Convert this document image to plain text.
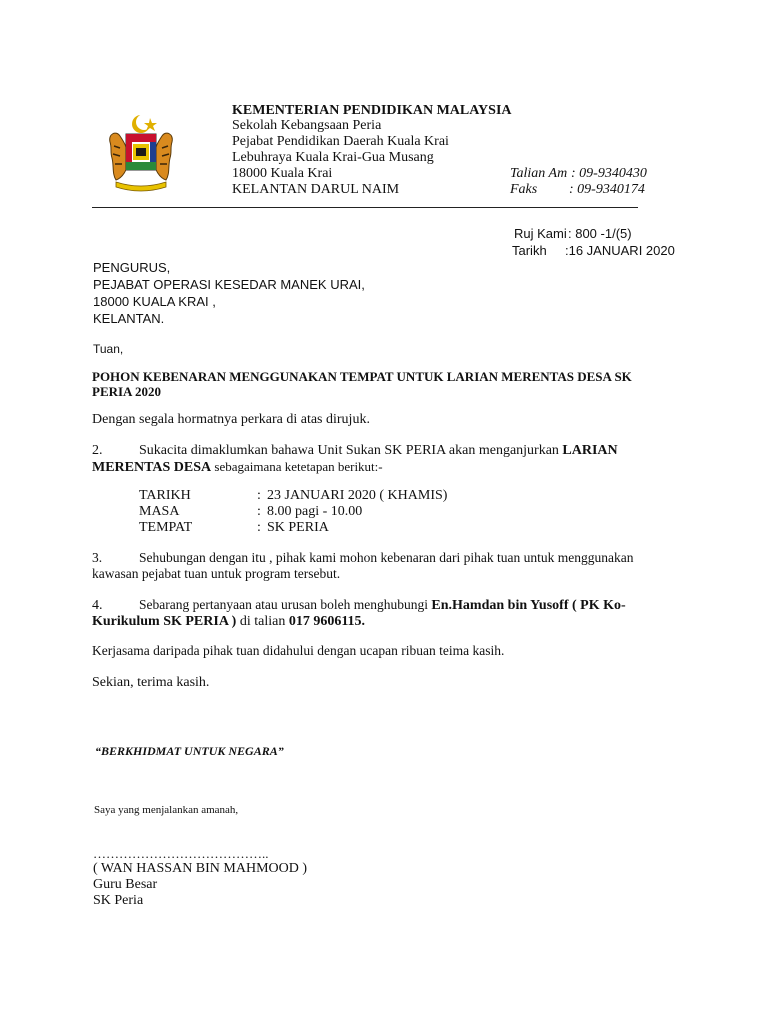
KEMENTERIAN PENDIDIKAN MALAYSIA
Sekolah Kebangsaan Peria
Pejabat Pendidikan Daerah Kuala Krai
Lebuhraya Kuala Krai-Gua Musang
18000 Kuala Krai
KELANTAN DARUL NAIM
Talian Am : 09-9340430
Faks : 09-9340174
Ruj Kami : 800 -1/(5)
Tarikh :16 JANUARI 2020
PENGURUS,
PEJABAT OPERASI KESEDAR MANEK URAI,
18000 KUALA KRAI ,
KELANTAN.
Tuan,
POHON KEBENARAN MENGGUNAKAN TEMPAT UNTUK LARIAN MERENTAS DESA SK PERIA 2020
Dengan segala hormatnya perkara di atas dirujuk.
2.	Sukacita dimaklumkan bahawa Unit Sukan SK PERIA akan menganjurkan LARIAN MERENTAS DESA sebagaimana ketetapan berikut:-
TARIKH	: 23 JANUARI 2020 ( KHAMIS)
MASA	: 8.00 pagi - 10.00
TEMPAT	: SK PERIA
3.	Sehubungan dengan itu , pihak kami mohon kebenaran dari pihak tuan untuk menggunakan kawasan pejabat tuan untuk program tersebut.
4.	Sebarang pertanyaan atau urusan boleh menghubungi En.Hamdan bin Yusoff ( PK Ko-Kurikulum SK PERIA ) di talian 017 9606115.
Kerjasama daripada pihak tuan didahului dengan ucapan ribuan teima kasih.
Sekian, terima kasih.
“BERKHIDMAT UNTUK NEGARA”
Saya yang menjalankan amanah,
…………………………………..
( WAN HASSAN BIN MAHMOOD )
Guru Besar
SK Peria
